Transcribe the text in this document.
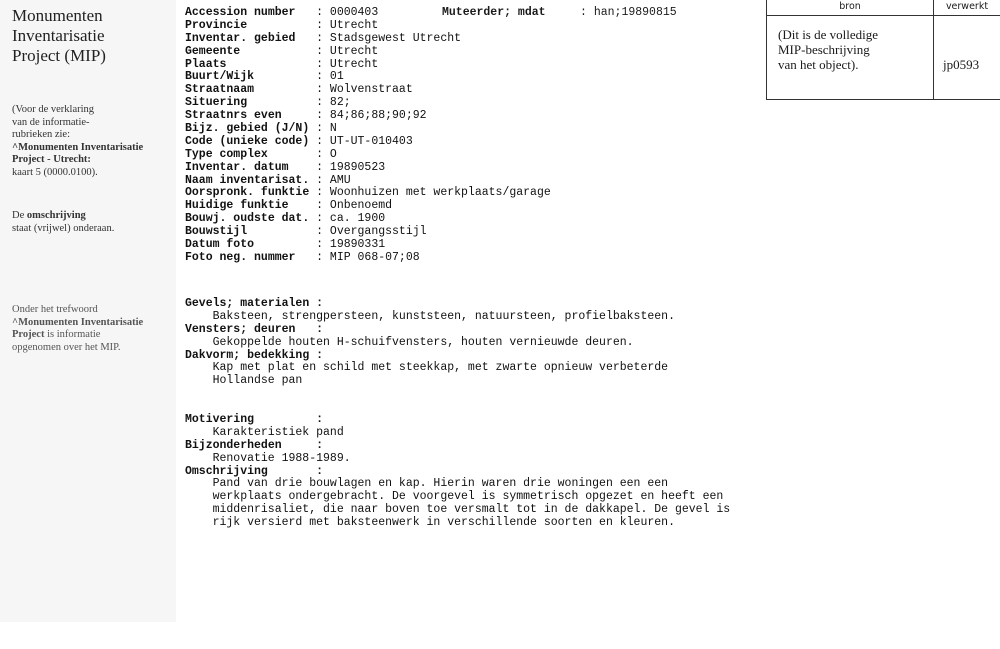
Monumenten
Inventarisatie
Project (MIP)
(Voor de verklaring
van de informatie-
rubrieken zie:
^Monumenten Inventarisatie
Project - Utrecht:
kaart 5 (0000.0100).
De omschrijving
staat (vrijwel) onderaan.
Onder het trefwoord
^Monumenten Inventarisatie
Project is informatie
opgenomen over het MIP.
Accession number : 0000403
Provincie	: Utrecht
Inventar. gebied : Stadsgewest Utrecht
Gemeente	: Utrecht
Plaats	: Utrecht
Buurt/Wijk	: 01
Straatnaam	: Wolvenstraat
Situering	: 82;
Straatnrs even	: 84;86;88;90;92
Bijz. gebied (J/N) : N
Code (unieke code) : UT-UT-010403
Type complex	: O
Inventar. datum : 19890523
Naam inventarisat. : AMU
Oorspronk. funktie : Woonhuizen met werkplaats/garage
Huidige funktie : Onbenoemd
Bouwj. oudste dat. : ca. 1900
Bouwstijl	: Overgangsstijl
Datum foto	: 19890331
Foto neg. nummer : MIP 068-07;08
Muteerder; mdat	: han;19890815
Gevels; materialen :
Baksteen, strengpersteen, kunststeen, natuursteen, profielbaksteen.
Vensters; deuren   :
Gekoppelde houten H-schuifvensters, houten vernieuwde deuren.
Dakvorm; bedekking :
Kap met plat en schild met steekkap, met zwarte opnieuw verbeterde
Hollandse pan
Motivering         :
Karakteristiek pand
Bijzonderheden     :
Renovatie 1988-1989.
Omschrijving       :
Pand van drie bouwlagen en kap. Hierin waren drie woningen een een
werkplaats ondergebracht. De voorgevel is symmetrisch opgezet en heeft een
middenrisaliet, die naar boven toe versmalt tot in de dakkapel. De gevel is
rijk versierd met baksteenwerk in verschillende soorten en kleuren.
bron	verwerkt
(Dit is de volledige
MIP-beschrijving
van het object).	jp0593
